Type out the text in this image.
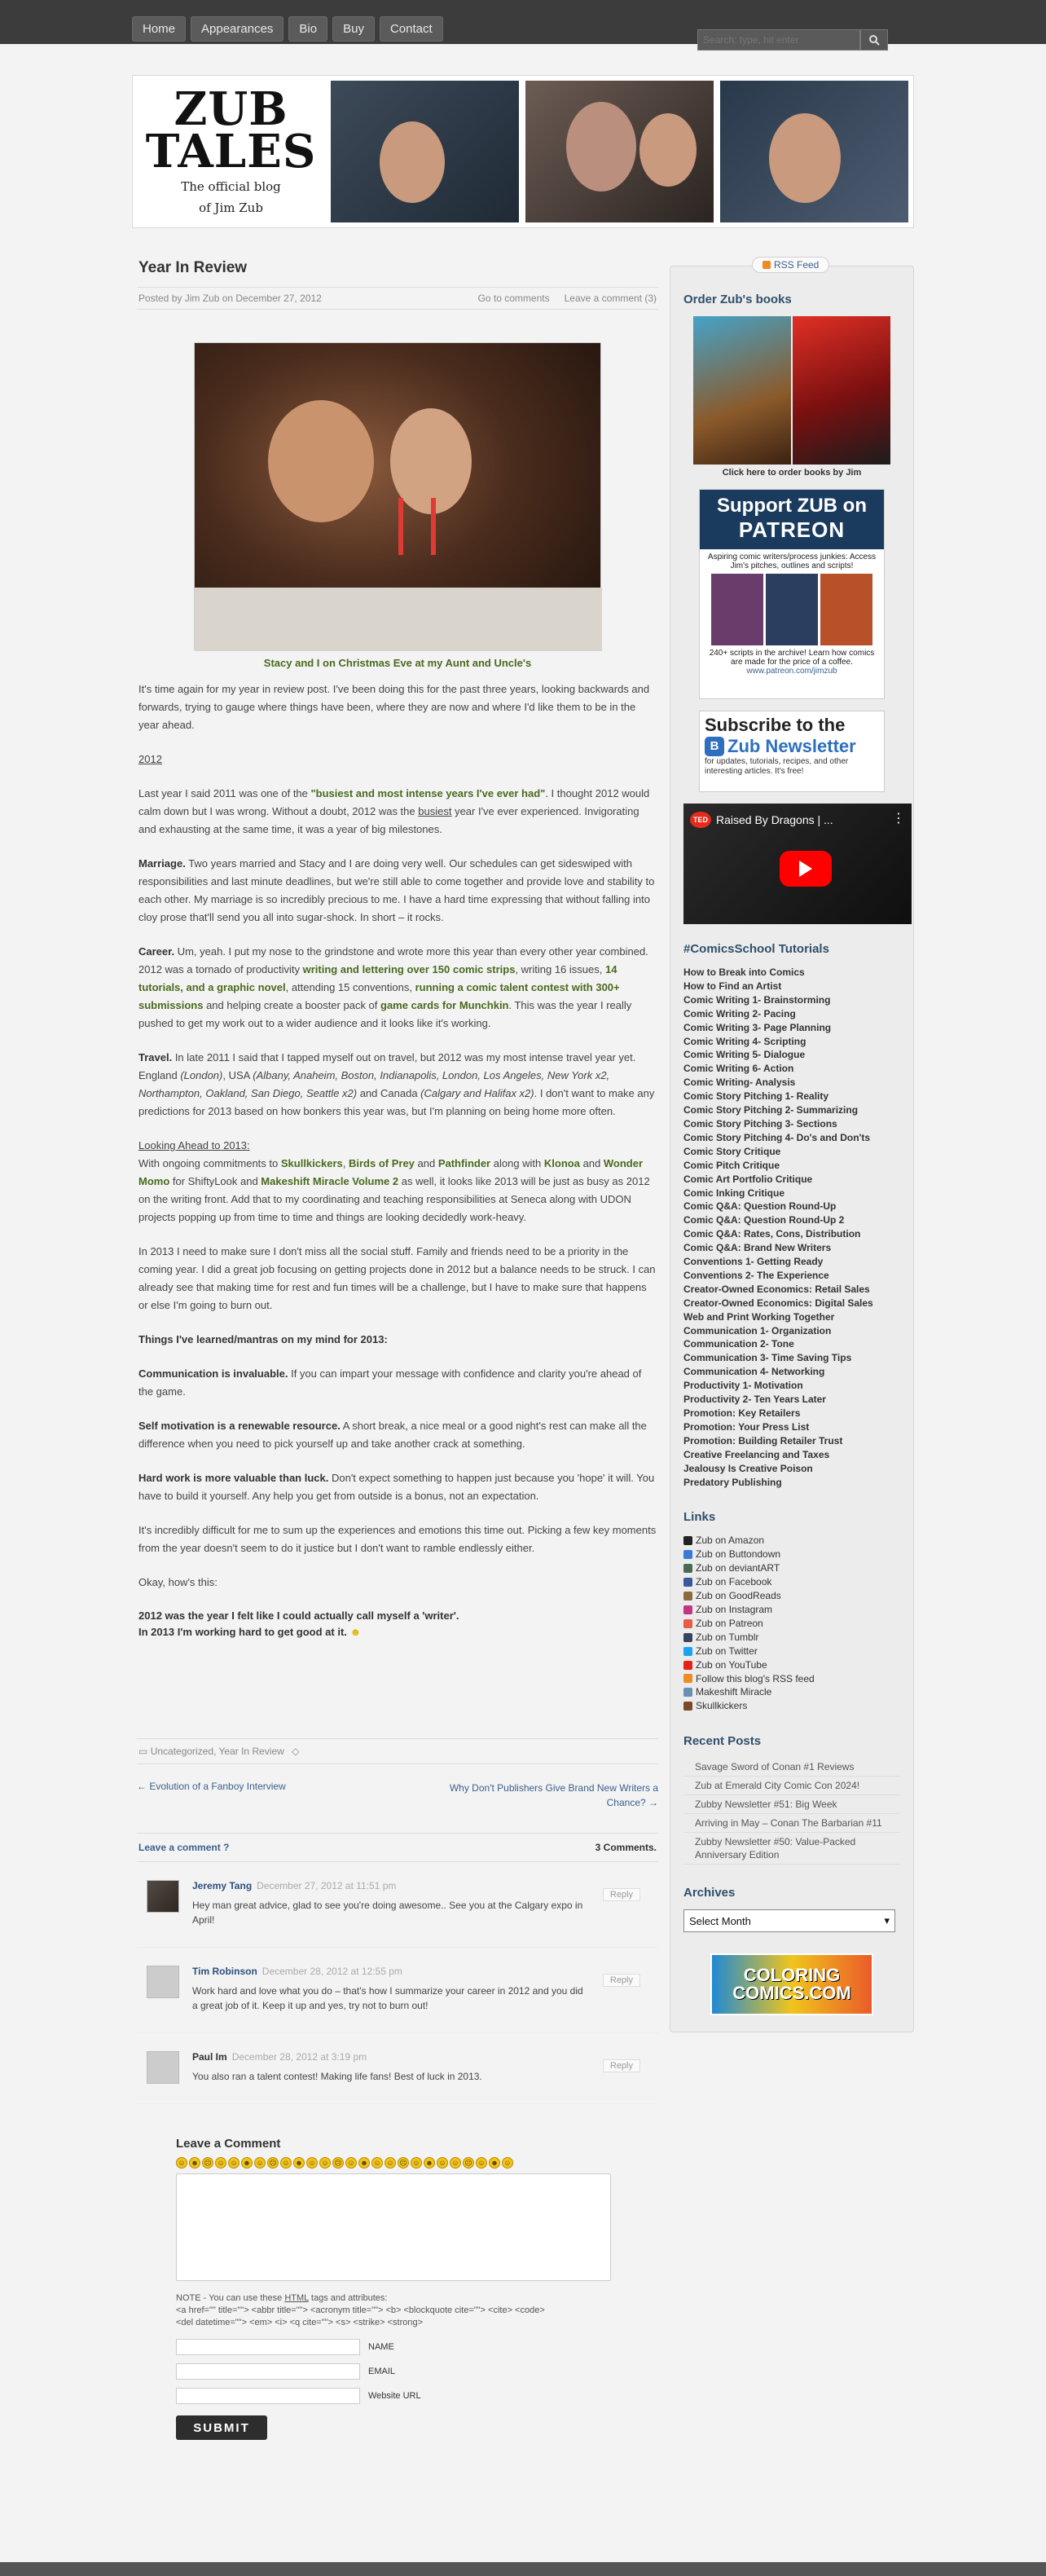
Home	Appearances	Bio	Buy	Contact
Search: type, hit enter
ZUB
TALES
The official blog
of Jim Zub
Year In Review
Posted by Jim Zub on December 27, 2012	Go to comments Leave a comment (3)
Stacy and I on Christmas Eve at my Aunt and Uncle's

It's time again for my year in review post. I've been doing this for the past three years, looking backwards and forwards, trying to gauge where things have been, where they are now and where I'd like them to be in the year ahead.

2012

Last year I said 2011 was one of the "busiest and most intense years I've ever had". I thought 2012 would calm down but I was wrong. Without a doubt, 2012 was the busiest year I've ever experienced. Invigorating and exhausting at the same time, it was a year of big milestones.

Marriage. Two years married and Stacy and I are doing very well. Our schedules can get sideswiped with responsibilities and last minute deadlines, but we're still able to come together and provide love and stability to each other. My marriage is so incredibly precious to me. I have a hard time expressing that without falling into cloy prose that'll send you all into sugar-shock. In short – it rocks.

Career. Um, yeah. I put my nose to the grindstone and wrote more this year than every other year combined. 2012 was a tornado of productivity writing and lettering over 150 comic strips, writing 16 issues, 14 tutorials, and a graphic novel, attending 15 conventions, running a comic talent contest with 300+ submissions and helping create a booster pack of game cards for Munchkin. This was the year I really pushed to get my work out to a wider audience and it looks like it's working.

Travel. In late 2011 I said that I tapped myself out on travel, but 2012 was my most intense travel year yet. England (London), USA (Albany, Anaheim, Boston, Indianapolis, London, Los Angeles, New York x2, Northampton, Oakland, San Diego, Seattle x2) and Canada (Calgary and Halifax x2). I don't want to make any predictions for 2013 based on how bonkers this year was, but I'm planning on being home more often.

Looking Ahead to 2013:
With ongoing commitments to Skullkickers, Birds of Prey and Pathfinder along with Klonoa and Wonder Momo for ShiftyLook and Makeshift Miracle Volume 2 as well, it looks like 2013 will be just as busy as 2012 on the writing front. Add that to my coordinating and teaching responsibilities at Seneca along with UDON projects popping up from time to time and things are looking decidedly work-heavy.

In 2013 I need to make sure I don't miss all the social stuff. Family and friends need to be a priority in the coming year. I did a great job focusing on getting projects done in 2012 but a balance needs to be struck. I can already see that making time for rest and fun times will be a challenge, but I have to make sure that happens or else I'm going to burn out.

Things I've learned/mantras on my mind for 2013:

Communication is invaluable. If you can impart your message with confidence and clarity you're ahead of the game.

Self motivation is a renewable resource. A short break, a nice meal or a good night's rest can make all the difference when you need to pick yourself up and take another crack at something.

Hard work is more valuable than luck. Don't expect something to happen just because you 'hope' it will. You have to build it yourself. Any help you get from outside is a bonus, not an expectation.

It's incredibly difficult for me to sum up the experiences and emotions this time out. Picking a few key moments from the year doesn't seem to do it justice but I don't want to ramble endlessly either.

Okay, how's this:

2012 was the year I felt like I could actually call myself a 'writer'.
In 2013 I'm working hard to get good at it. ☻

▭ Uncategorized, Year In Review ◇
← Evolution of a Fanboy Interview	Why Don't Publishers Give Brand New Writers a
Chance? →
Leave a comment ?	3 Comments.
Jeremy Tang December 27, 2012 at 11:51 pm
Hey man great advice, glad to see you're doing awesome.. See you at the Calgary expo in April!
Reply
Tim Robinson December 28, 2012 at 12:55 pm
Work hard and love what you do – that's how I summarize your career in 2012 and you did a great job of it. Keep it up and yes, try not to burn out!
Reply
Paul Im December 28, 2012 at 3:19 pm
You also ran a talent contest! Making life fans! Best of luck in 2013.
Reply
Leave a Comment
☺ ☻ ☹ ☺ ☺ ☻ ☺ ☹ ☺ ☻ ☺ ☺ ☹ ☺ ☻ ☺ ☺ ☹ ☺ ☻ ☺ ☺ ☹ ☺ ☻ ☺
NOTE - You can use these HTML tags and attributes:
<a href="" title=""> <abbr title=""> <acronym title=""> <b> <blockquote cite=""> <cite> <code>
<del datetime=""> <em> <i> <q cite=""> <s> <strike> <strong>
NAME
EMAIL
Website URL
SUBMIT
RSS Feed
Order Zub's books
Click here to order books by Jim
Support ZUB on
PATREON
Aspiring comic writers/process junkies: Access Jim's pitches, outlines and scripts!
240+ scripts in the archive! Learn how comics are made for the price of a coffee.
www.patreon.com/jimzub
Subscribe to the
B Zub Newsletter
for updates, tutorials, recipes, and other interesting articles. It's free!
TED Raised By Dragons | ...	⋮
#ComicsSchool Tutorials
How to Break into Comics
How to Find an Artist
Comic Writing 1- Brainstorming
Comic Writing 2- Pacing
Comic Writing 3- Page Planning
Comic Writing 4- Scripting
Comic Writing 5- Dialogue
Comic Writing 6- Action
Comic Writing- Analysis
Comic Story Pitching 1- Reality
Comic Story Pitching 2- Summarizing
Comic Story Pitching 3- Sections
Comic Story Pitching 4- Do's and Don'ts
Comic Story Critique
Comic Pitch Critique
Comic Art Portfolio Critique
Comic Inking Critique
Comic Q&A: Question Round-Up
Comic Q&A: Question Round-Up 2
Comic Q&A: Rates, Cons, Distribution
Comic Q&A: Brand New Writers
Conventions 1- Getting Ready
Conventions 2- The Experience
Creator-Owned Economics: Retail Sales
Creator-Owned Economics: Digital Sales
Web and Print Working Together
Communication 1- Organization
Communication 2- Tone
Communication 3- Time Saving Tips
Communication 4- Networking
Productivity 1- Motivation
Productivity 2- Ten Years Later
Promotion: Key Retailers
Promotion: Your Press List
Promotion: Building Retailer Trust
Creative Freelancing and Taxes
Jealousy Is Creative Poison
Predatory Publishing
Links
Zub on Amazon
Zub on Buttondown
Zub on deviantART
Zub on Facebook
Zub on GoodReads
Zub on Instagram
Zub on Patreon
Zub on Tumblr
Zub on Twitter
Zub on YouTube
Follow this blog's RSS feed
Makeshift Miracle
Skullkickers
Recent Posts
Savage Sword of Conan #1 Reviews
Zub at Emerald City Comic Con 2024!
Zubby Newsletter #51: Big Week
Arriving in May – Conan The Barbarian #11
Zubby Newsletter #50: Value-Packed Anniversary Edition
Archives
Select Month	▾
COLORING
COMICS.COM
